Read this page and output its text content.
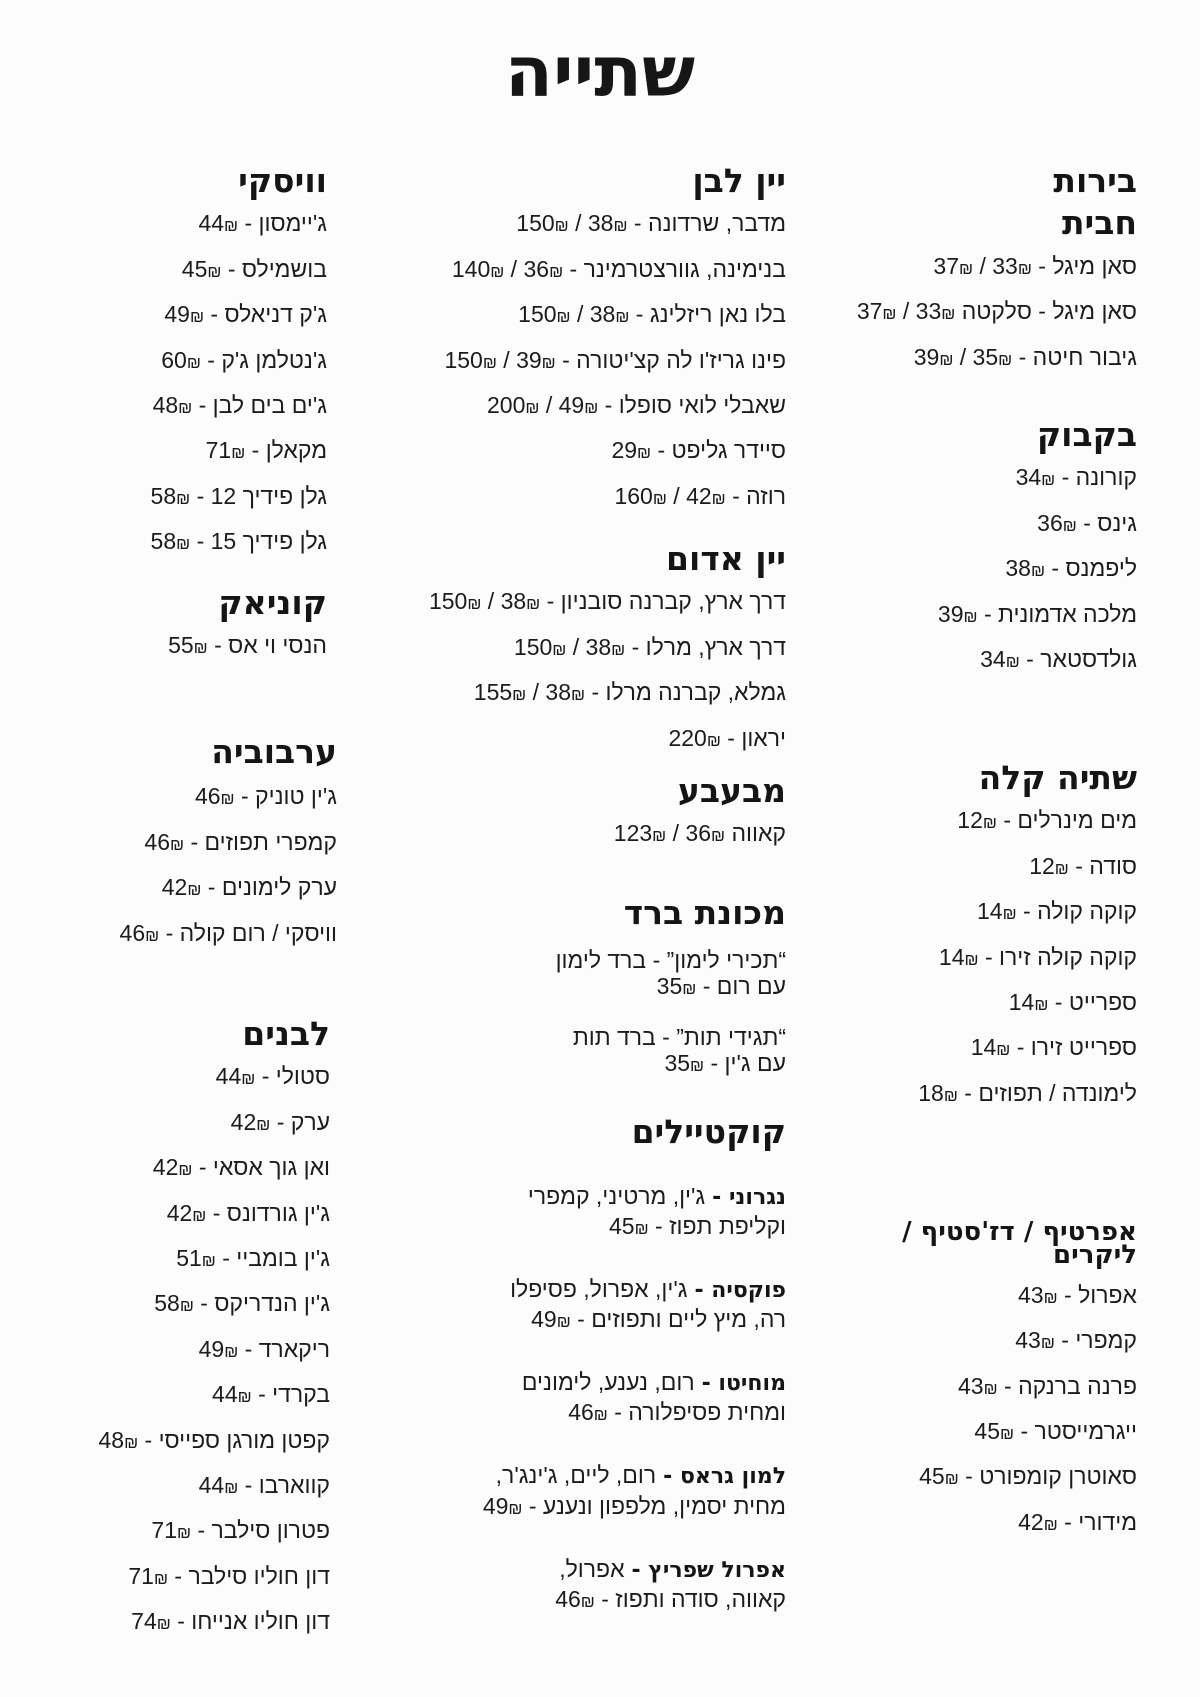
שתייה
בירות
חבית
סאן מיגל - 33₪ / 37₪
סאן מיגל - סלקטה 33₪ / 37₪
גיבור חיטה - 35₪ / 39₪
בקבוק
קורונה - 34₪
גינס - 36₪
ליפמנס - 38₪
מלכה אדמונית - 39₪
גולדסטאר - 34₪
שתיה קלה
מים מינרלים - 12₪
סודה - 12₪
קוקה קולה - 14₪
קוקה קולה זירו - 14₪
ספרייט - 14₪
ספרייט זירו - 14₪
לימונדה / תפוזים - 18₪
אפרטיף / דז'סטיף /
ליקרים
אפרול - 43₪
קמפרי - 43₪
פרנה ברנקה - 43₪
ייגרמייסטר - 45₪
סאוטרן קומפורט - 45₪
מידורי - 42₪
יין לבן
מדבר, שרדונה - 38₪ / 150₪
בנימינה, גוורצטרמינר - 36₪ / 140₪
בלו נאן ריזלינג - 38₪ / 150₪
פינו גריז'ו לה קצ'יטורה - 39₪ / 150₪
שאבלי לואי סופלו - 49₪ / 200₪
סיידר גליפט - 29₪
רוזה - 42₪ / 160₪
יין אדום
דרך ארץ, קברנה סובניון - 38₪ / 150₪
דרך ארץ, מרלו - 38₪ / 150₪
גמלא, קברנה מרלו - 38₪ / 155₪
יראון - 220₪
מבעבע
קאווה 36₪ / 123₪
מכונת ברד
“תכירי לימון” - ברד לימון
עם רום - 35₪
“תגידי תות” - ברד תות
עם ג'ין - 35₪
קוקטיילים
נגרוני -ג'ין, מרטיני, קמפרי
וקליפת תפוז - 45₪
פוקסיה -ג'ין, אפרול, פסיפלו
רה, מיץ ליים ותפוזים - 49₪
מוחיטו -רום, נענע, לימונים
ומחית פסיפלורה - 46₪
למון גראס -רום, ליים, ג'ינג'ר,
מחית יסמין, מלפפון ונענע - 49₪
אפרול שפריץ -אפרול,
קאווה, סודה ותפוז - 46₪
וויסקי
ג'יימסון - 44₪
בושמילס - 45₪
ג'ק דניאלס - 49₪
ג'נטלמן ג'ק - 60₪
ג'ים בים לבן - 48₪
מקאלן - 71₪
גלן פידיך 12 - 58₪
גלן פידיך 15 - 58₪
קוניאק
הנסי וי אס - 55₪
ערבוביה
ג'ין טוניק - 46₪
קמפרי תפוזים - 46₪
ערק לימונים - 42₪
וויסקי / רום קולה - 46₪
לבנים
סטולי - 44₪
ערק - 42₪
ואן גוך אסאי - 42₪
ג'ין גורדונס - 42₪
ג'ין בומביי - 51₪
ג'ין הנדריקס - 58₪
ריקארד - 49₪
בקרדי - 44₪
קפטן מורגן ספייסי - 48₪
קווארבו - 44₪
פטרון סילבר - 71₪
דון חוליו סילבר - 71₪
דון חוליו אנייחו - 74₪
